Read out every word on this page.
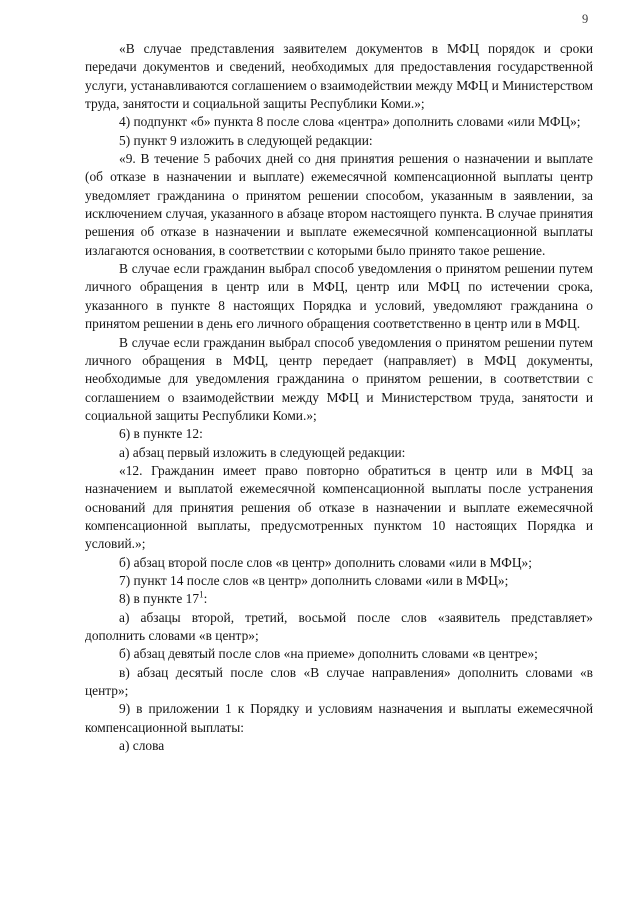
9

«В случае представления заявителем документов в МФЦ порядок и сроки передачи документов и сведений, необходимых для предоставления государственной услуги, устанавливаются соглашением о взаимодействии между МФЦ и Министерством труда, занятости и социальной защиты Республики Коми.»;

4) подпункт «б» пункта 8 после слова «центра» дополнить словами «или МФЦ»;

5) пункт 9 изложить в следующей редакции:

«9. В течение 5 рабочих дней со дня принятия решения о назначении и выплате (об отказе в назначении и выплате) ежемесячной компенсационной выплаты центр уведомляет гражданина о принятом решении способом, указанным в заявлении, за исключением случая, указанного в абзаце втором настоящего пункта. В случае принятия решения об отказе в назначении и выплате ежемесячной компенсационной выплаты излагаются основания, в соответствии с которыми было принято такое решение.

В случае если гражданин выбрал способ уведомления о принятом решении путем личного обращения в центр или в МФЦ, центр или МФЦ по истечении срока, указанного в пункте 8 настоящих Порядка и условий, уведомляют гражданина о принятом решении в день его личного обращения соответственно в центр или в МФЦ.

В случае если гражданин выбрал способ уведомления о принятом решении путем личного обращения в МФЦ, центр передает (направляет) в МФЦ документы, необходимые для уведомления гражданина о принятом решении, в соответствии с соглашением о взаимодействии между МФЦ и Министерством труда, занятости и социальной защиты Республики Коми.»;

6) в пункте 12:

а) абзац первый изложить в следующей редакции:

«12. Гражданин имеет право повторно обратиться в центр или в МФЦ за назначением и выплатой ежемесячной компенсационной выплаты после устранения оснований для принятия решения об отказе в назначении и выплате ежемесячной компенсационной выплаты, предусмотренных пунктом 10 настоящих Порядка и условий.»;

б) абзац второй после слов «в центр» дополнить словами «или в МФЦ»;

7) пункт 14 после слов «в центр» дополнить словами «или в МФЦ»;

8) в пункте $17^1$:

а) абзацы второй, третий, восьмой после слов «заявитель представляет» дополнить словами «в центр»;

б) абзац девятый после слов «на приеме» дополнить словами «в центре»;

в) абзац десятый после слов «В случае направления» дополнить словами «в центр»;

9) в приложении 1 к Порядку и условиям назначения и выплаты ежемесячной компенсационной выплаты:

а) слова
